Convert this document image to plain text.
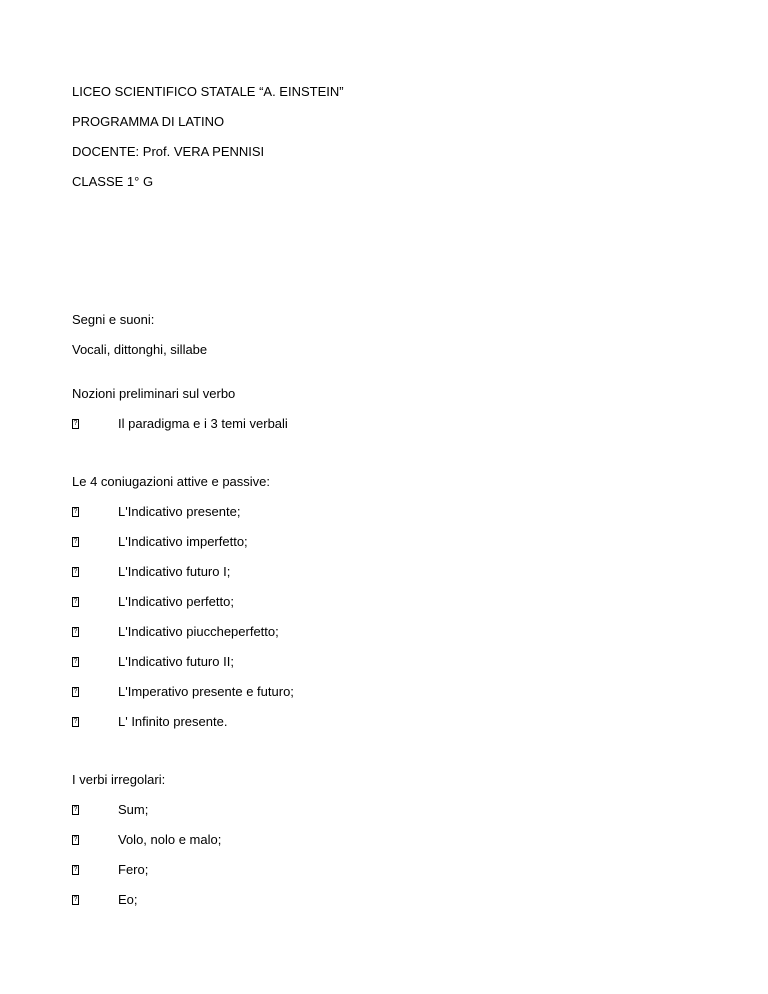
LICEO SCIENTIFICO STATALE “A. EINSTEIN”
PROGRAMMA DI LATINO
DOCENTE: Prof. VERA PENNISI
CLASSE 1° G
Segni e suoni:
Vocali, dittonghi, sillabe
Nozioni preliminari sul verbo
?	Il paradigma e i 3 temi verbali
Le 4 coniugazioni attive e passive:
?	L'Indicativo presente;
?	L'Indicativo imperfetto;
?	L'Indicativo futuro I;
?	L'Indicativo perfetto;
?	L'Indicativo piuccheperfetto;
?	L'Indicativo futuro II;
?	L'Imperativo presente e futuro;
?	L' Infinito presente.
I verbi irregolari:
?	Sum;
?	Volo, nolo e malo;
?	Fero;
?	Eo;
